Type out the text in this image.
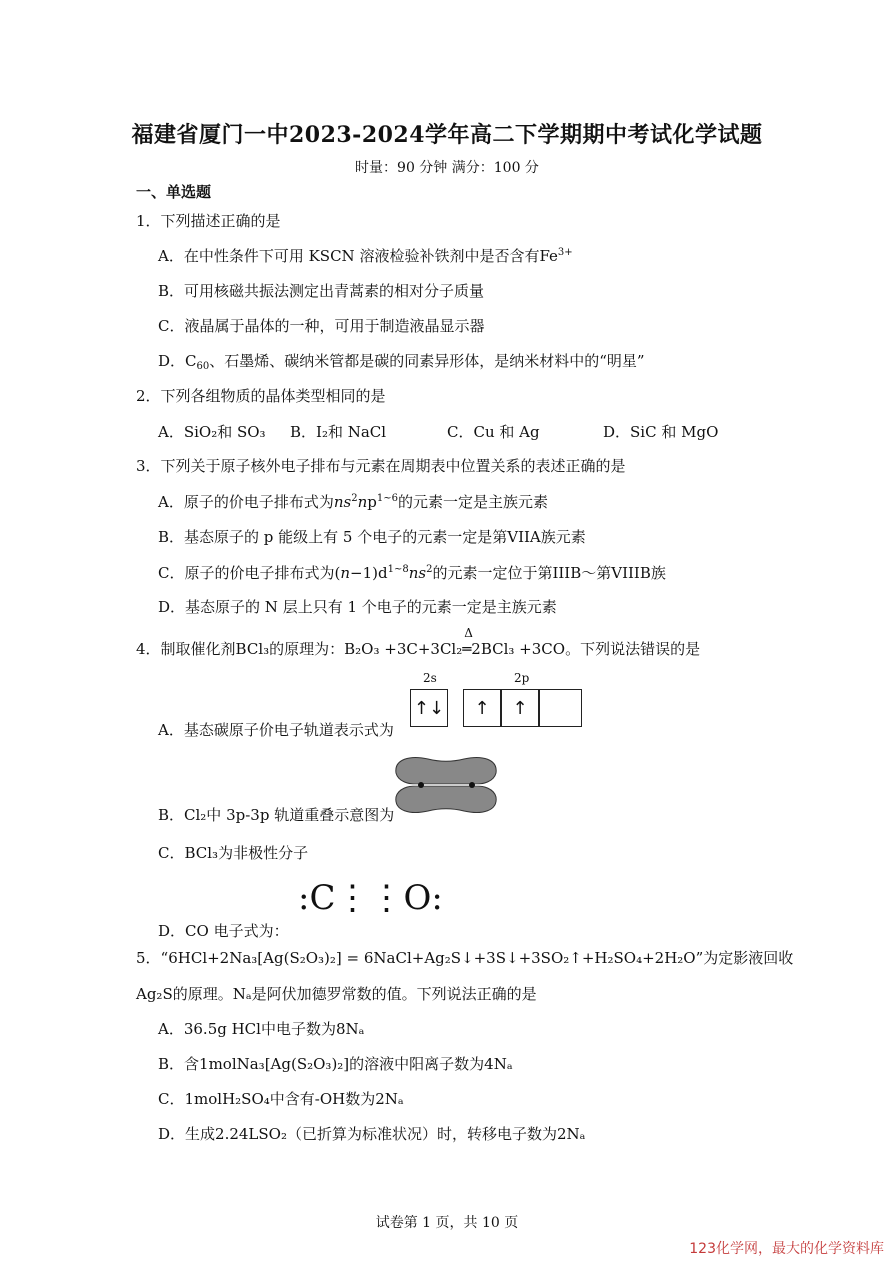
福建省厦门一中2023-2024学年高二下学期期中考试化学试题
时量：90 分钟 满分：100 分
一、单选题
1．下列描述正确的是
A．在中性条件下可用 KSCN 溶液检验补铁剂中是否含有$Fe^{3+}$
B．可用核磁共振法测定出青蒿素的相对分子质量
C．液晶属于晶体的一种，可用于制造液晶显示器
D．$C_{60}$、石墨烯、碳纳米管都是碳的同素异形体，是纳米材料中的“明星”
2．下列各组物质的晶体类型相同的是
A．SiO₂和 SO₃ B．I₂和 NaCl	C．Cu 和 Ag	D．SiC 和 MgO
3．下列关于原子核外电子排布与元素在周期表中位置关系的表述正确的是
A．原子的价电子排布式为$ns^2np^{1\sim 6}$的元素一定是主族元素
B．基态原子的 p 能级上有 5 个电子的元素一定是第VIIA族元素
C．原子的价电子排布式为$(n-1)d^{1\sim 8}ns^2$的元素一定位于第IIIB～第VIIIB族
D．基态原子的 N 层上只有 1 个电子的元素一定是主族元素
4．制取催化剂BCl₃的原理为：B₂O₃ +3C+3Cl₂
Δ
═2BCl₃ +3CO。下列说法错误的是
A．基态碳原子价电子轨道表示式为
2s	2p
↑↓	↑	↑
B．Cl₂中 3p-3p 轨道重叠示意图为
C．BCl₃为非极性分子
:C⋮⋮O:
D．CO 电子式为：
5．“6HCl+2Na₃[Ag(S₂O₃)₂] = 6NaCl+Ag₂S↓+3S↓+3SO₂↑+H₂SO₄+2H₂O”为定影液回收
Ag₂S的原理。Nₐ是阿伏加德罗常数的值。下列说法正确的是
A．36.5g HCl中电子数为8Nₐ
B．含1molNa₃[Ag(S₂O₃)₂]的溶液中阳离子数为4Nₐ
C．1molH₂SO₄中含有-OH数为2Nₐ
D．生成2.24LSO₂（已折算为标准状况）时，转移电子数为2Nₐ
试卷第 1 页，共 10 页
123化学网，最大的化学资料库
